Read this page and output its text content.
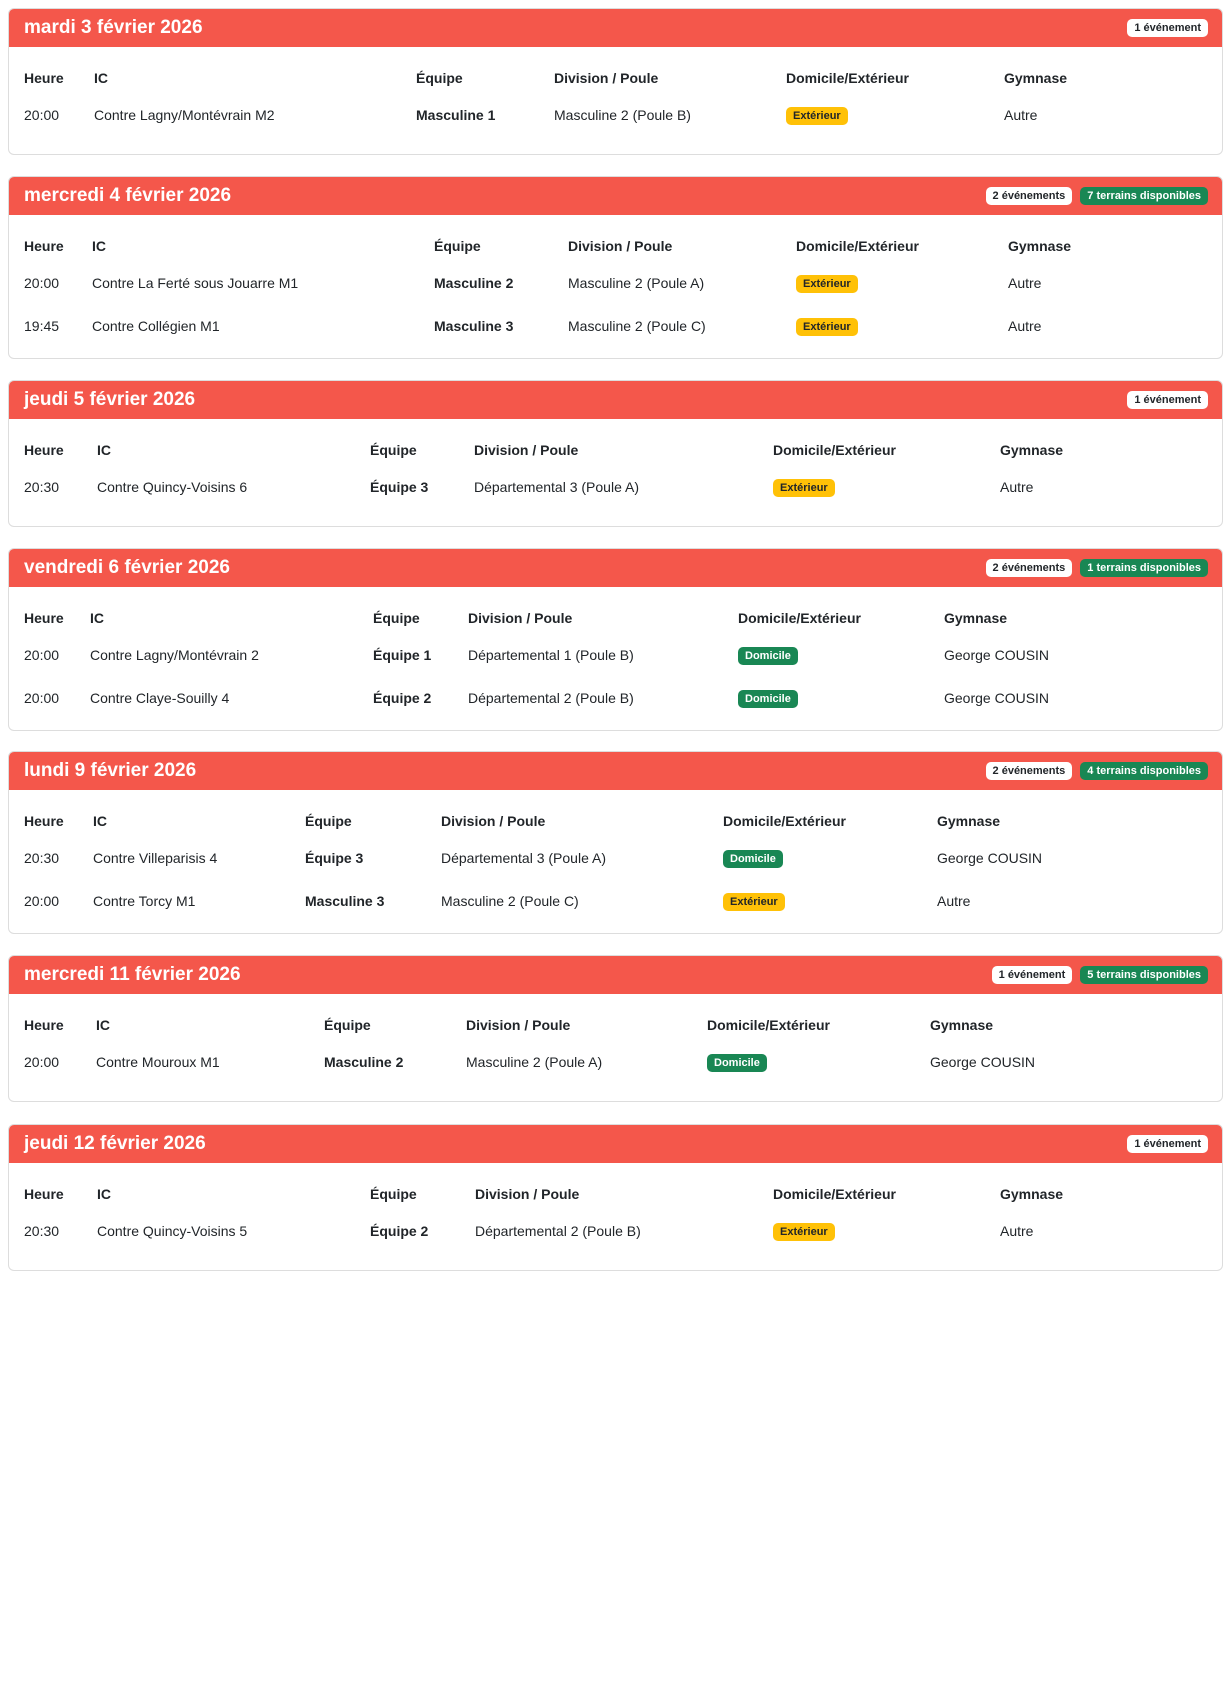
mardi 3 février 2026	1 événement
Heure	IC	Équipe	Division / Poule	Domicile/Extérieur	Gymnase
20:00	Contre Lagny/Montévrain M2	Masculine 1	Masculine 2 (Poule B)	Extérieur	Autre
mercredi 4 février 2026	2 événements	7 terrains disponibles
Heure	IC	Équipe	Division / Poule	Domicile/Extérieur	Gymnase
20:00	Contre La Ferté sous Jouarre M1	Masculine 2	Masculine 2 (Poule A)	Extérieur	Autre
19:45	Contre Collégien M1	Masculine 3	Masculine 2 (Poule C)	Extérieur	Autre
jeudi 5 février 2026	1 événement
Heure	IC	Équipe	Division / Poule	Domicile/Extérieur	Gymnase
20:30	Contre Quincy-Voisins 6	Équipe 3	Départemental 3 (Poule A)	Extérieur	Autre
vendredi 6 février 2026	2 événements	1 terrains disponibles
Heure	IC	Équipe	Division / Poule	Domicile/Extérieur	Gymnase
20:00	Contre Lagny/Montévrain 2	Équipe 1	Départemental 1 (Poule B)	Domicile	George COUSIN
20:00	Contre Claye-Souilly 4	Équipe 2	Départemental 2 (Poule B)	Domicile	George COUSIN
lundi 9 février 2026	2 événements	4 terrains disponibles
Heure	IC	Équipe	Division / Poule	Domicile/Extérieur	Gymnase
20:30	Contre Villeparisis 4	Équipe 3	Départemental 3 (Poule A)	Domicile	George COUSIN
20:00	Contre Torcy M1	Masculine 3	Masculine 2 (Poule C)	Extérieur	Autre
mercredi 11 février 2026	1 événement	5 terrains disponibles
Heure	IC	Équipe	Division / Poule	Domicile/Extérieur	Gymnase
20:00	Contre Mouroux M1	Masculine 2	Masculine 2 (Poule A)	Domicile	George COUSIN
jeudi 12 février 2026	1 événement
Heure	IC	Équipe	Division / Poule	Domicile/Extérieur	Gymnase
20:30	Contre Quincy-Voisins 5	Équipe 2	Départemental 2 (Poule B)	Extérieur	Autre
